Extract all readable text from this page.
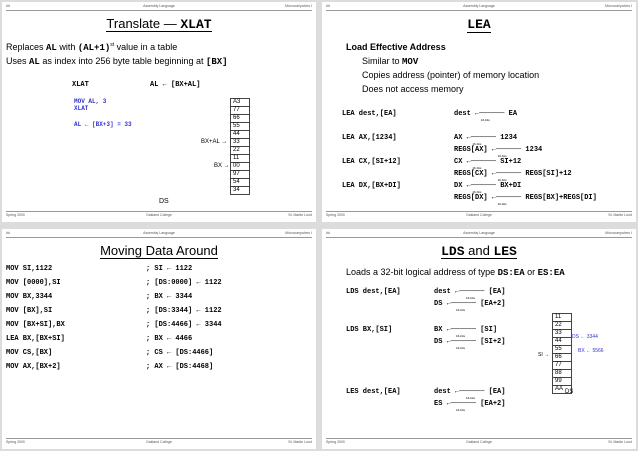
##	Assembly Language	Microcomputers I
Translate — XLAT
Replaces AL with $(AL+1)^{st}$ value in a table
Uses AL as index into 256 byte table beginning at [BX]
XLAT	AL ← [BX+AL]
MOV AL, 3
XLAT
AL ← [BX+3] = 33
A3
77
66
55
44
33
22
11
00
97
54
34
BX+AL →
BX →
DS
Spring 2000	Oakland College	St. Martin Lund
##	Assembly Language	Microcomputers I
LEA
Load Effective Address
Similar to MOV
Copies address (pointer) of memory location
Does not access memory
LEA dest,[EA]	dest ←────── EA
16-bits
LEA AX,[1234]	AX ←────── 1234
16-bits
REGS[AX] ←────── 1234
16-bits
LEA CX,[SI+12]	CX ←────── SI+12
16-bits
REGS[CX] ←────── REGS[SI]+12
16-bits
LEA DX,[BX+DI]	DX ←────── BX+DI
16-bits
REGS[DX] ←────── REGS[BX]+REGS[DI]
16-bits
Spring 2000	Oakland College	St. Martin Lund
##	Assembly Language	Microcomputers I
Moving Data Around
MOV SI,1122	; SI ← 1122
MOV [0000],SI	; [DS:0000] ← 1122
MOV BX,3344	; BX ← 3344
MOV [BX],SI	; [DS:3344] ← 1122
MOV [BX+SI],BX	; [DS:4466] ← 3344
LEA BX,[BX+SI]	; BX ← 4466
MOV CS,[BX]	; CS ← [DS:4466]
MOV AX,[BX+2]	; AX ← [DS:4468]
Spring 2000	Oakland College	St. Martin Lund
##	Assembly Language	Microcomputers I
LDS and LES
Loads a 32-bit logical address of type DS:EA or ES:EA
LDS dest,[EA]	dest ←────── [EA]
16-bits
DS ←────── [EA+2]
16-bits
LDS BX,[SI]	BX ←────── [SI]
16-bits
DS ←────── [SI+2]
16-bits
11
22
33
44
55
66
77
88
99
AA
DS ← 3344
BX ← 5566
SI →
DS
LES dest,[EA]	dest ←────── [EA]
16-bits
ES ←────── [EA+2]
16-bits
Spring 2000	Oakland College	St. Martin Lund
